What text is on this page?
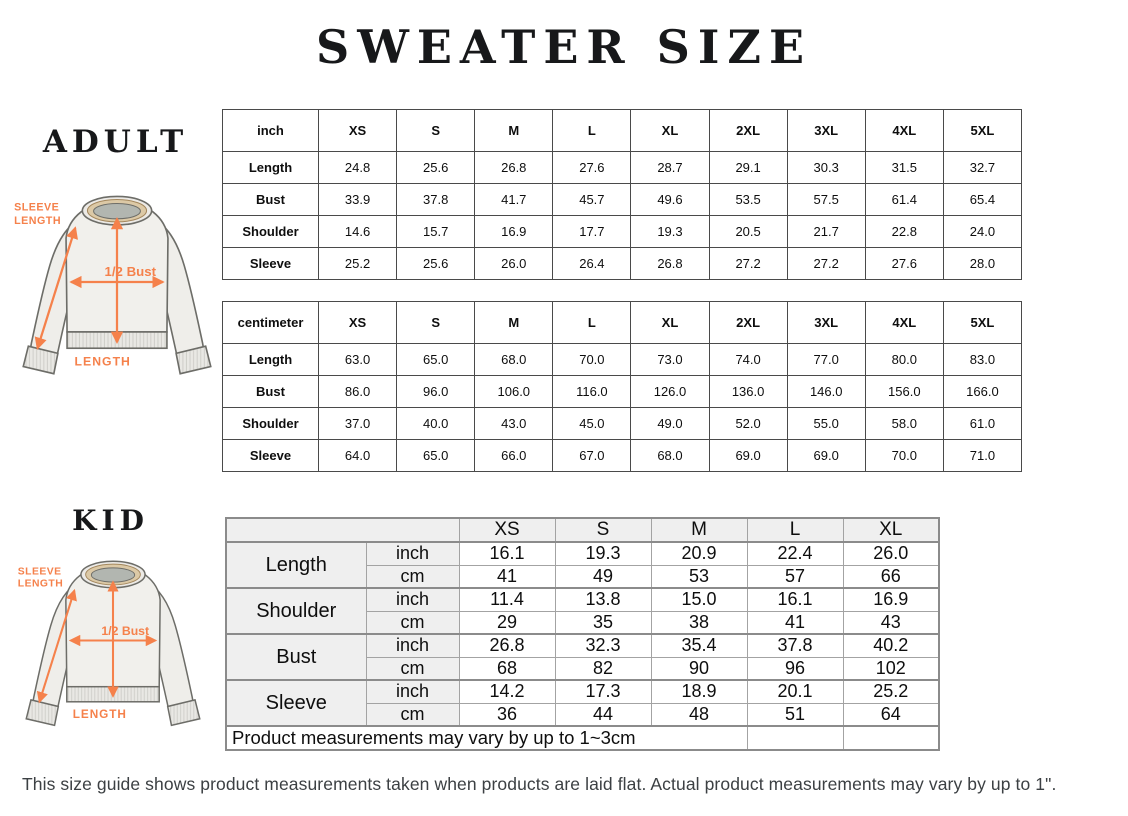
SWEATER SIZE
ADULT
KID
SLEEVE
LENGTH
1/2 Bust
LENGTH
SLEEVE
LENGTH
1/2 Bust
LENGTH
inch	XS	S	M	L	XL	2XL	3XL	4XL	5XL
Length	24.8	25.6	26.8	27.6	28.7	29.1	30.3	31.5	32.7
Bust	33.9	37.8	41.7	45.7	49.6	53.5	57.5	61.4	65.4
Shoulder	14.6	15.7	16.9	17.7	19.3	20.5	21.7	22.8	24.0
Sleeve	25.2	25.6	26.0	26.4	26.8	27.2	27.2	27.6	28.0
centimeter	XS	S	M	L	XL	2XL	3XL	4XL	5XL
Length	63.0	65.0	68.0	70.0	73.0	74.0	77.0	80.0	83.0
Bust	86.0	96.0	106.0	116.0	126.0	136.0	146.0	156.0	166.0
Shoulder	37.0	40.0	43.0	45.0	49.0	52.0	55.0	58.0	61.0
Sleeve	64.0	65.0	66.0	67.0	68.0	69.0	69.0	70.0	71.0
		XS	S	M	L	XL
Length	inch	16.1	19.3	20.9	22.4	26.0
	cm	41	49	53	57	66
Shoulder	inch	11.4	13.8	15.0	16.1	16.9
	cm	29	35	38	41	43
Bust	inch	26.8	32.3	35.4	37.8	40.2
	cm	68	82	90	96	102
Sleeve	inch	14.2	17.3	18.9	20.1	25.2
	cm	36	44	48	51	64
Product measurements may vary by up to 1~3cm						
This size guide shows product measurements taken when products are laid flat. Actual product measurements may vary by up to 1".
